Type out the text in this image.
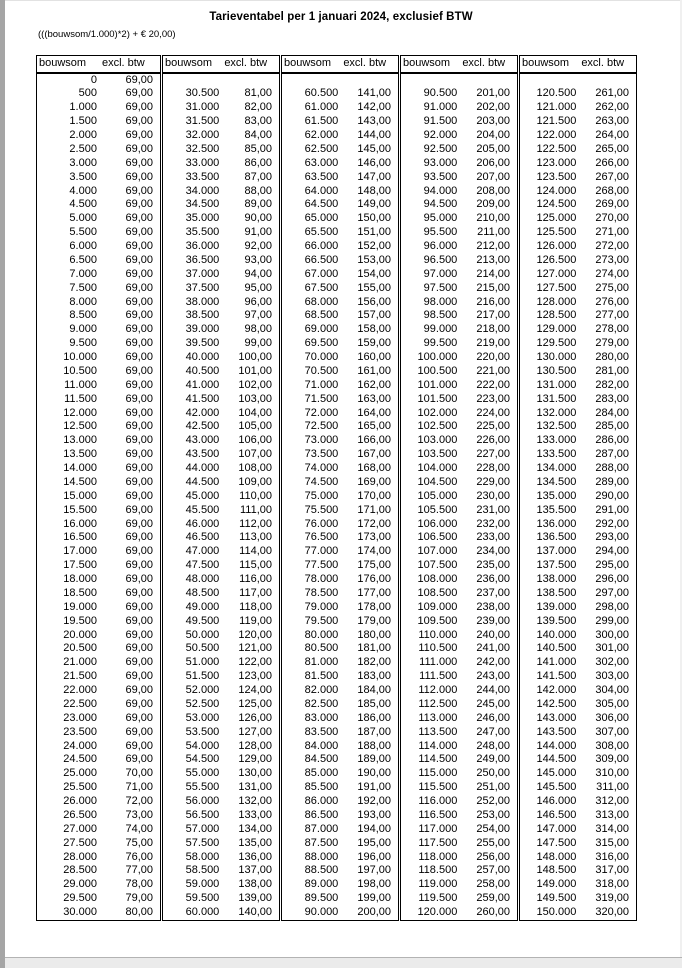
Tarieventabel per 1 januari 2024, exclusief BTW
(((bouwsom/1.000)*2) + € 20,00)
bouwsom	excl. btw
0	69,00
500	69,00
1.000	69,00
1.500	69,00
2.000	69,00
2.500	69,00
3.000	69,00
3.500	69,00
4.000	69,00
4.500	69,00
5.000	69,00
5.500	69,00
6.000	69,00
6.500	69,00
7.000	69,00
7.500	69,00
8.000	69,00
8.500	69,00
9.000	69,00
9.500	69,00
10.000	69,00
10.500	69,00
11.000	69,00
11.500	69,00
12.000	69,00
12.500	69,00
13.000	69,00
13.500	69,00
14.000	69,00
14.500	69,00
15.000	69,00
15.500	69,00
16.000	69,00
16.500	69,00
17.000	69,00
17.500	69,00
18.000	69,00
18.500	69,00
19.000	69,00
19.500	69,00
20.000	69,00
20.500	69,00
21.000	69,00
21.500	69,00
22.000	69,00
22.500	69,00
23.000	69,00
23.500	69,00
24.000	69,00
24.500	69,00
25.000	70,00
25.500	71,00
26.000	72,00
26.500	73,00
27.000	74,00
27.500	75,00
28.000	76,00
28.500	77,00
29.000	78,00
29.500	79,00
30.000	80,00
bouwsom	excl. btw
30.500	81,00
31.000	82,00
31.500	83,00
32.000	84,00
32.500	85,00
33.000	86,00
33.500	87,00
34.000	88,00
34.500	89,00
35.000	90,00
35.500	91,00
36.000	92,00
36.500	93,00
37.000	94,00
37.500	95,00
38.000	96,00
38.500	97,00
39.000	98,00
39.500	99,00
40.000	100,00
40.500	101,00
41.000	102,00
41.500	103,00
42.000	104,00
42.500	105,00
43.000	106,00
43.500	107,00
44.000	108,00
44.500	109,00
45.000	110,00
45.500	111,00
46.000	112,00
46.500	113,00
47.000	114,00
47.500	115,00
48.000	116,00
48.500	117,00
49.000	118,00
49.500	119,00
50.000	120,00
50.500	121,00
51.000	122,00
51.500	123,00
52.000	124,00
52.500	125,00
53.000	126,00
53.500	127,00
54.000	128,00
54.500	129,00
55.000	130,00
55.500	131,00
56.000	132,00
56.500	133,00
57.000	134,00
57.500	135,00
58.000	136,00
58.500	137,00
59.000	138,00
59.500	139,00
60.000	140,00
bouwsom	excl. btw
60.500	141,00
61.000	142,00
61.500	143,00
62.000	144,00
62.500	145,00
63.000	146,00
63.500	147,00
64.000	148,00
64.500	149,00
65.000	150,00
65.500	151,00
66.000	152,00
66.500	153,00
67.000	154,00
67.500	155,00
68.000	156,00
68.500	157,00
69.000	158,00
69.500	159,00
70.000	160,00
70.500	161,00
71.000	162,00
71.500	163,00
72.000	164,00
72.500	165,00
73.000	166,00
73.500	167,00
74.000	168,00
74.500	169,00
75.000	170,00
75.500	171,00
76.000	172,00
76.500	173,00
77.000	174,00
77.500	175,00
78.000	176,00
78.500	177,00
79.000	178,00
79.500	179,00
80.000	180,00
80.500	181,00
81.000	182,00
81.500	183,00
82.000	184,00
82.500	185,00
83.000	186,00
83.500	187,00
84.000	188,00
84.500	189,00
85.000	190,00
85.500	191,00
86.000	192,00
86.500	193,00
87.000	194,00
87.500	195,00
88.000	196,00
88.500	197,00
89.000	198,00
89.500	199,00
90.000	200,00
bouwsom	excl. btw
90.500	201,00
91.000	202,00
91.500	203,00
92.000	204,00
92.500	205,00
93.000	206,00
93.500	207,00
94.000	208,00
94.500	209,00
95.000	210,00
95.500	211,00
96.000	212,00
96.500	213,00
97.000	214,00
97.500	215,00
98.000	216,00
98.500	217,00
99.000	218,00
99.500	219,00
100.000	220,00
100.500	221,00
101.000	222,00
101.500	223,00
102.000	224,00
102.500	225,00
103.000	226,00
103.500	227,00
104.000	228,00
104.500	229,00
105.000	230,00
105.500	231,00
106.000	232,00
106.500	233,00
107.000	234,00
107.500	235,00
108.000	236,00
108.500	237,00
109.000	238,00
109.500	239,00
110.000	240,00
110.500	241,00
111.000	242,00
111.500	243,00
112.000	244,00
112.500	245,00
113.000	246,00
113.500	247,00
114.000	248,00
114.500	249,00
115.000	250,00
115.500	251,00
116.000	252,00
116.500	253,00
117.000	254,00
117.500	255,00
118.000	256,00
118.500	257,00
119.000	258,00
119.500	259,00
120.000	260,00
bouwsom	excl. btw
120.500	261,00
121.000	262,00
121.500	263,00
122.000	264,00
122.500	265,00
123.000	266,00
123.500	267,00
124.000	268,00
124.500	269,00
125.000	270,00
125.500	271,00
126.000	272,00
126.500	273,00
127.000	274,00
127.500	275,00
128.000	276,00
128.500	277,00
129.000	278,00
129.500	279,00
130.000	280,00
130.500	281,00
131.000	282,00
131.500	283,00
132.000	284,00
132.500	285,00
133.000	286,00
133.500	287,00
134.000	288,00
134.500	289,00
135.000	290,00
135.500	291,00
136.000	292,00
136.500	293,00
137.000	294,00
137.500	295,00
138.000	296,00
138.500	297,00
139.000	298,00
139.500	299,00
140.000	300,00
140.500	301,00
141.000	302,00
141.500	303,00
142.000	304,00
142.500	305,00
143.000	306,00
143.500	307,00
144.000	308,00
144.500	309,00
145.000	310,00
145.500	311,00
146.000	312,00
146.500	313,00
147.000	314,00
147.500	315,00
148.000	316,00
148.500	317,00
149.000	318,00
149.500	319,00
150.000	320,00
